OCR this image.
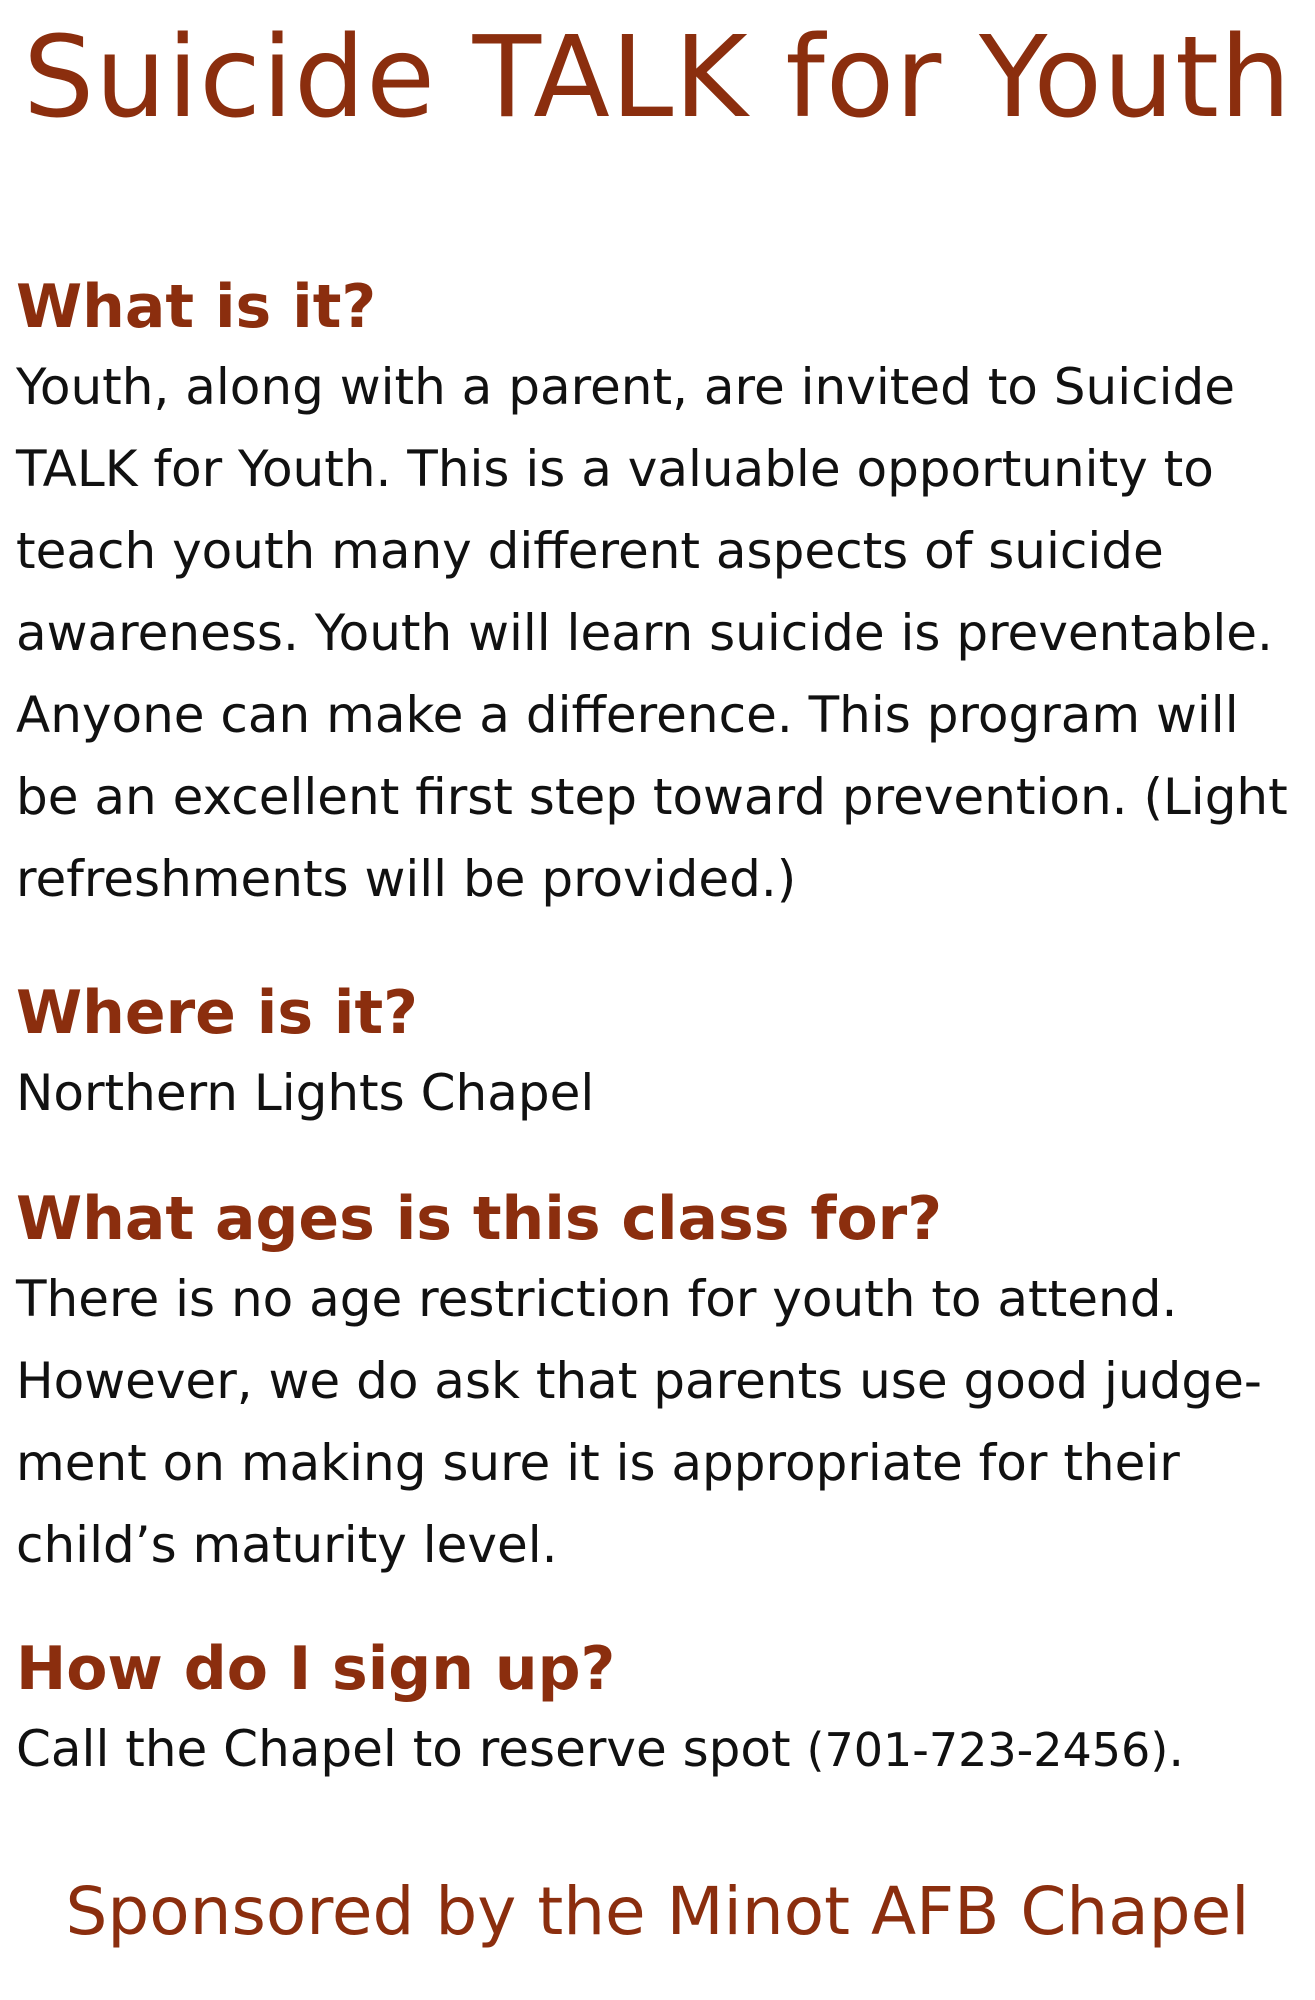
Suicide TALK for Youth
What is it?

Youth, along with a parent, are invited to Suicide
TALK for Youth. This is a valuable opportunity to
teach youth many different aspects of suicide
awareness. Youth will learn suicide is preventable.
Anyone can make a difference. This program will
be an excellent first step toward prevention. (Light
refreshments will be provided.)

Where is it?

Northern Lights Chapel

What ages is this class for?

There is no age restriction for youth to attend.
However, we do ask that parents use good judge-
ment on making sure it is appropriate for their
child’s maturity level.

How do I sign up?

Call the Chapel to reserve spot (701-723-2456).

Sponsored by the Minot AFB Chapel
